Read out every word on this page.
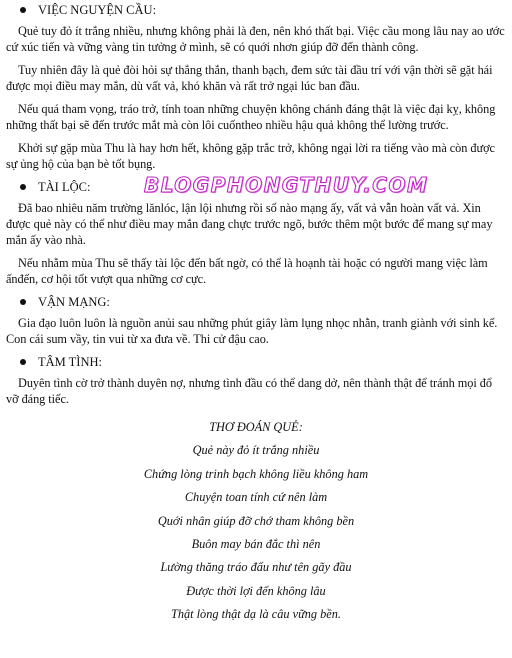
VIỆC NGUYỆN CẦU:

Quẻ tuy đỏ ít trắng nhiều, nhưng không phải là đen, nên khó thất bại. Việc cầu mong lâu nay ao ước cứ xúc tiến và vững vàng tin tưởng ở mình, sẽ có quới nhơn giúp đỡ đến thành công.

Tuy nhiên đây là quẻ đòi hỏi sự thẳng thắn, thanh bạch, đem sức tài đầu trí với vận thời sẽ gặt hái được mọi điều may mắn, dù vất vả, khó khăn và rất trở ngại lúc ban đầu.

Nếu quá tham vọng, tráo trở, tính toan những chuyện không chánh đáng thật là việc đại kỵ, không những thất bại sẽ đến trước mắt mà còn lôi cuốntheo nhiều hậu quả không thể lường trước.

Khởi sự gặp mùa Thu là hay hơn hết, không gặp trắc trở, không ngại lời ra tiếng vào mà còn được sự ủng hộ của bạn bè tốt bụng.

TÀI LỘC:	BLOGPHONGTHUY.COM

Đã bao nhiêu năm trường lănlóc, lận lội nhưng rồi số nào mạng ấy, vất vả vẫn hoàn vất vả. Xin được quẻ này có thể như điều may mắn đang chực trước ngõ, bước thêm một bước để mang sự may mắn ấy vào nhà.

Nếu nhằm mùa Thu sẽ thấy tài lộc đến bất ngờ, có thể là hoạnh tài hoặc có người mang việc làm ấnđến, cơ hội tốt vượt qua những cơ cực.

VẬN MẠNG:

Gia đạo luôn luôn là nguồn anủi sau những phút giây làm lụng nhọc nhằn, tranh giành với sinh kế. Con cái sum vầy, tin vui từ xa đưa về. Thi cử đậu cao.

TÂM TÌNH:

Duyên tình cờ trở thành duyên nợ, nhưng tình đầu có thể dang dở, nên thành thật để tránh mọi đổ vỡ đáng tiếc.

THƠ ĐOÁN QUẺ:
Quẻ này đỏ ít trắng nhiều
Chứng lòng trinh bạch không liều không ham
Chuyện toan tính cứ nên làm
Quới nhân giúp đỡ chớ tham không bền
Buôn may bán đắc thì nên
Lường thăng tráo đấu như tên gãy đầu
Được thời lợi đến không lâu
Thật lòng thật dạ là câu vững bền.
